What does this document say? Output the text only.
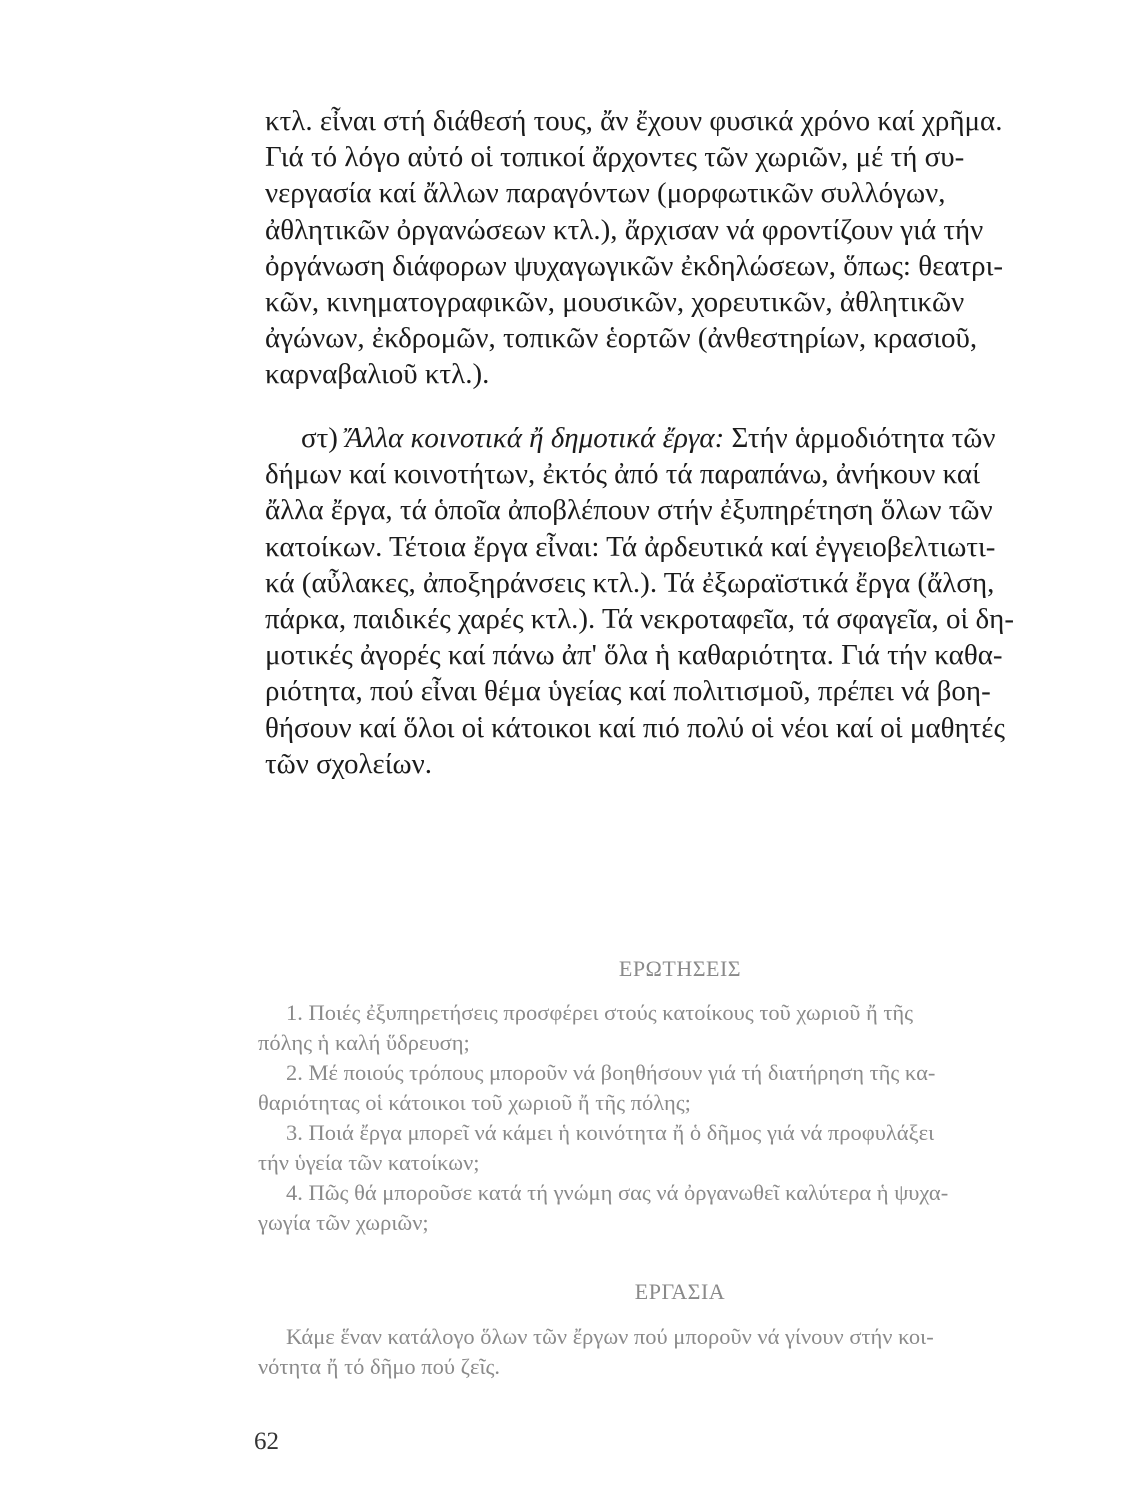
κτλ. εἶναι στή διάθεσή τους, ἄν ἔχουν φυσικά χρόνο καί χρῆμα.
Γιά τό λόγο αὐτό οἱ τοπικοί ἄρχοντες τῶν χωριῶν, μέ τή συ-
νεργασία καί ἄλλων παραγόντων (μορφωτικῶν συλλόγων,
ἀθλητικῶν ὀργανώσεων κτλ.), ἄρχισαν νά φροντίζουν γιά τήν
ὀργάνωση διάφορων ψυχαγωγικῶν ἐκδηλώσεων, ὅπως: θεατρι-
κῶν, κινηματογραφικῶν, μουσικῶν, χορευτικῶν, ἀθλητικῶν
ἀγώνων, ἐκδρομῶν, τοπικῶν ἑορτῶν (ἀνθεστηρίων, κρασιοῦ,
καρναβαλιοῦ κτλ.).
στ) Ἄλλα κοινοτικά ἤ δημοτικά ἔργα: Στήν ἁρμοδιότητα τῶν
δήμων καί κοινοτήτων, ἐκτός ἀπό τά παραπάνω, ἀνήκουν καί
ἄλλα ἔργα, τά ὁποῖα ἀποβλέπουν στήν ἐξυπηρέτηση ὅλων τῶν
κατοίκων. Τέτοια ἔργα εἶναι: Τά ἀρδευτικά καί ἐγγειοβελτιωτι-
κά (αὖλακες, ἀποξηράνσεις κτλ.). Τά ἐξωραϊστικά ἔργα (ἄλση,
πάρκα, παιδικές χαρές κτλ.). Τά νεκροταφεῖα, τά σφαγεῖα, οἱ δη-
μοτικές ἀγορές καί πάνω ἀπ' ὅλα ἡ καθαριότητα. Γιά τήν καθα-
ριότητα, πού εἶναι θέμα ὑγείας καί πολιτισμοῦ, πρέπει νά βοη-
θήσουν καί ὅλοι οἱ κάτοικοι καί πιό πολύ οἱ νέοι καί οἱ μαθητές
τῶν σχολείων.
ΕΡΩΤΗΣΕΙΣ
1. Ποιές ἐξυπηρετήσεις προσφέρει στούς κατοίκους τοῦ χωριοῦ ἤ τῆς
πόλης ἡ καλή ὕδρευση;
2. Μέ ποιούς τρόπους μποροῦν νά βοηθήσουν γιά τή διατήρηση τῆς κα-
θαριότητας οἱ κάτοικοι τοῦ χωριοῦ ἤ τῆς πόλης;
3. Ποιά ἔργα μπορεῖ νά κάμει ἡ κοινότητα ἤ ὁ δῆμος γιά νά προφυλάξει
τήν ὑγεία τῶν κατοίκων;
4. Πῶς θά μποροῦσε κατά τή γνώμη σας νά ὀργανωθεῖ καλύτερα ἡ ψυχα-
γωγία τῶν χωριῶν;
ΕΡΓΑΣΙΑ
Κάμε ἕναν κατάλογο ὅλων τῶν ἔργων πού μποροῦν νά γίνουν στήν κοι-
νότητα ἤ τό δῆμο πού ζεῖς.
62
